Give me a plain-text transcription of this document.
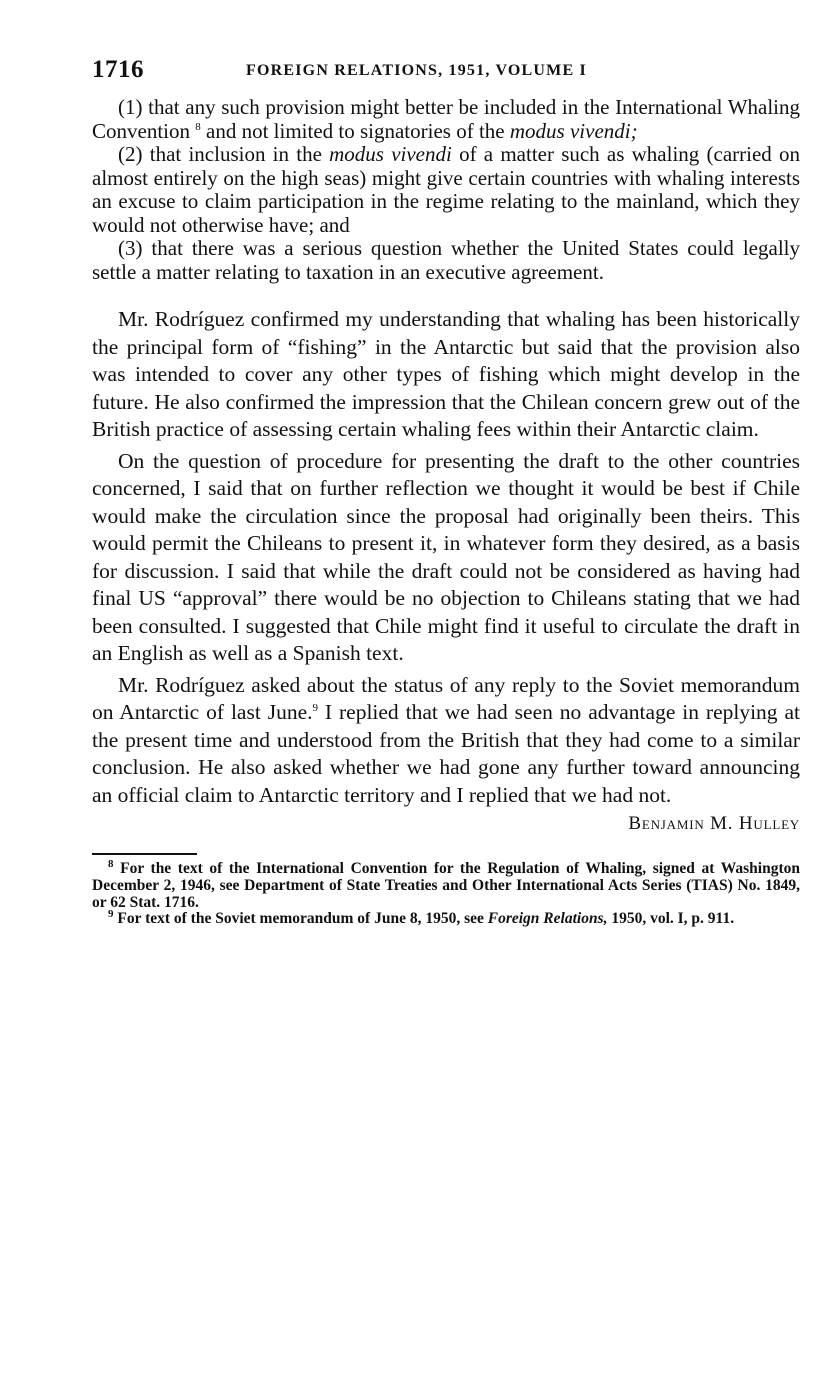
1716	FOREIGN RELATIONS, 1951, VOLUME I

(1) that any such provision might better be included in the International Whaling Convention $^8$ and not limited to signatories of the modus vivendi;

(2) that inclusion in the modus vivendi of a matter such as whaling (carried on almost entirely on the high seas) might give certain countries with whaling interests an excuse to claim participation in the regime relating to the mainland, which they would not otherwise have; and

(3) that there was a serious question whether the United States could legally settle a matter relating to taxation in an executive agreement.

Mr. Rodríguez confirmed my understanding that whaling has been historically the principal form of “fishing” in the Antarctic but said that the provision also was intended to cover any other types of fishing which might develop in the future. He also confirmed the impression that the Chilean concern grew out of the British practice of assessing certain whaling fees within their Antarctic claim.

On the question of procedure for presenting the draft to the other countries concerned, I said that on further reflection we thought it would be best if Chile would make the circulation since the proposal had originally been theirs. This would permit the Chileans to present it, in whatever form they desired, as a basis for discussion. I said that while the draft could not be considered as having had final US “approval” there would be no objection to Chileans stating that we had been consulted. I suggested that Chile might find it useful to circulate the draft in an English as well as a Spanish text.

Mr. Rodríguez asked about the status of any reply to the Soviet memorandum on Antarctic of last June.$^9$ I replied that we had seen no advantage in replying at the present time and understood from the British that they had come to a similar conclusion. He also asked whether we had gone any further toward announcing an official claim to Antarctic territory and I replied that we had not.

Benjamin M. Hulley

$^8$ For the text of the International Convention for the Regulation of Whaling, signed at Washington December 2, 1946, see Department of State Treaties and Other International Acts Series (TIAS) No. 1849, or 62 Stat. 1716.

$^9$ For text of the Soviet memorandum of June 8, 1950, see Foreign Relations, 1950, vol. I, p. 911.
